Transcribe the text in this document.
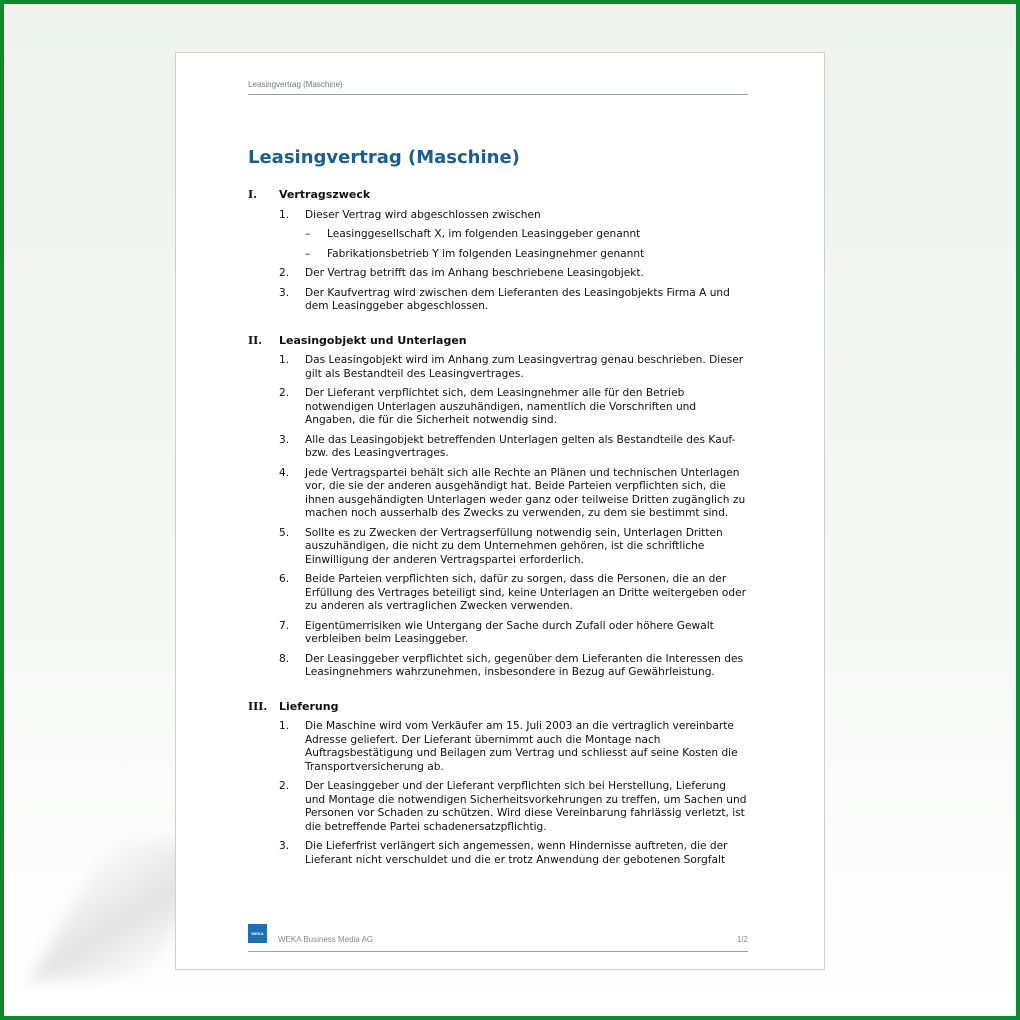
Leasingvertrag (Maschine)
Leasingvertrag (Maschine)
I.	Vertragszweck
1.	Dieser Vertrag wird abgeschlossen zwischen
–	Leasinggesellschaft X, im folgenden Leasinggeber genannt
–	Fabrikationsbetrieb Y im folgenden Leasingnehmer genannt
2.	Der Vertrag betrifft das im Anhang beschriebene Leasingobjekt.
3.	Der Kaufvertrag wird zwischen dem Lieferanten des Leasingobjekts Firma A und dem Leasinggeber abgeschlossen.
II.	Leasingobjekt und Unterlagen
1.	Das Leasingobjekt wird im Anhang zum Leasingvertrag genau beschrieben. Dieser gilt als Bestandteil des Leasingvertrages.
2.	Der Lieferant verpflichtet sich, dem Leasingnehmer alle für den Betrieb notwendigen Unterlagen auszuhändigen, namentlich die Vorschriften und Angaben, die für die Sicherheit notwendig sind.
3.	Alle das Leasingobjekt betreffenden Unterlagen gelten als Bestandteile des Kauf- bzw. des Leasingvertrages.
4.	Jede Vertragspartei behält sich alle Rechte an Plänen und technischen Unterlagen vor, die sie der anderen ausgehändigt hat. Beide Parteien verpflichten sich, die ihnen ausgehändigten Unterlagen weder ganz oder teilweise Dritten zugänglich zu machen noch ausserhalb des Zwecks zu verwenden, zu dem sie bestimmt sind.
5.	Sollte es zu Zwecken der Vertragserfüllung notwendig sein, Unterlagen Dritten auszuhändigen, die nicht zu dem Unternehmen gehören, ist die schriftliche Einwilligung der anderen Vertragspartei erforderlich.
6.	Beide Parteien verpflichten sich, dafür zu sorgen, dass die Personen, die an der Erfüllung des Vertrages beteiligt sind, keine Unterlagen an Dritte weitergeben oder zu anderen als vertraglichen Zwecken verwenden.
7.	Eigentümerrisiken wie Untergang der Sache durch Zufall oder höhere Gewalt verbleiben beim Leasinggeber.
8.	Der Leasinggeber verpflichtet sich, gegenüber dem Lieferanten die Interessen des Leasingnehmers wahrzunehmen, insbesondere in Bezug auf Gewährleistung.
III.	Lieferung
1.	Die Maschine wird vom Verkäufer am 15. Juli 2003 an die vertraglich vereinbarte Adresse geliefert. Der Lieferant übernimmt auch die Montage nach Auftragsbestätigung und Beilagen zum Vertrag und schliesst auf seine Kosten die Transportversicherung ab.
2.	Der Leasinggeber und der Lieferant verpflichten sich bei Herstellung, Lieferung und Montage die notwendigen Sicherheitsvorkehrungen zu treffen, um Sachen und Personen vor Schaden zu schützen. Wird diese Vereinbarung fahrlässig verletzt, ist die betreffende Partei schadenersatzpflichtig.
3.	Die Lieferfrist verlängert sich angemessen, wenn Hindernisse auftreten, die der Lieferant nicht verschuldet und die er trotz Anwendung der gebotenen Sorgfalt
WEKA
WEKA Business Media AG	1/2
